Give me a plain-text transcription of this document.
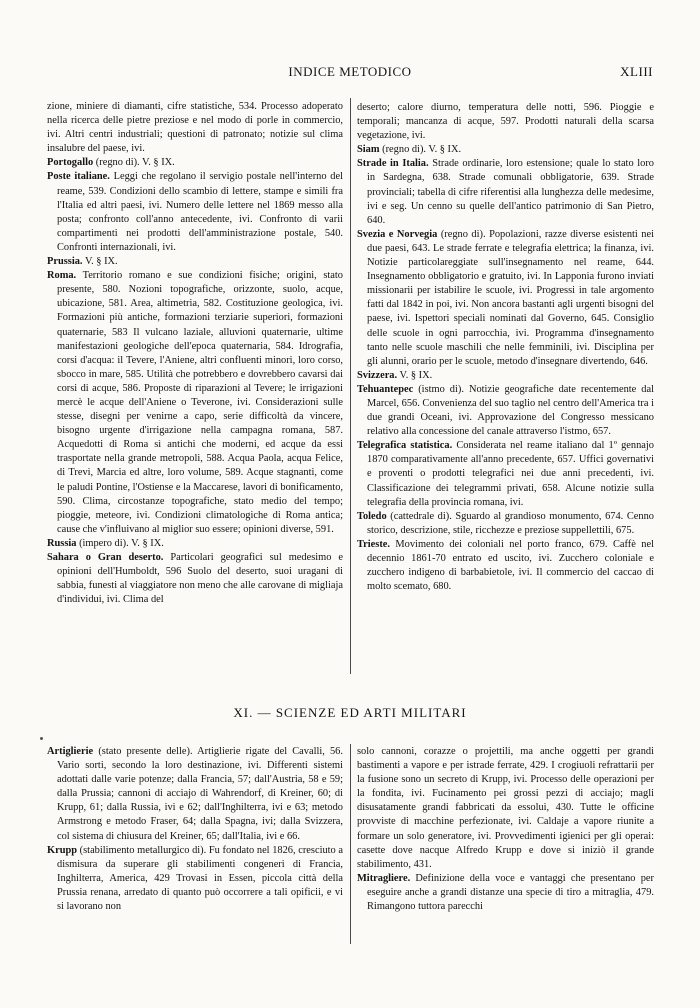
INDICE METODICO	XLIII

zione, miniere di diamanti, cifre statistiche, 534. Processo adoperato nella ricerca delle pietre preziose e nel modo di porle in commercio, ivi. Altri centri industriali; questioni di patronato; notizie sul clima insalubre del paese, ivi.

Portogallo (regno di). V. § IX.

Poste italiane. Leggi che regolano il servigio postale nell'interno del reame, 539. Condizioni dello scambio di lettere, stampe e simili fra l'Italia ed altri paesi, ivi. Numero delle lettere nel 1869 messo alla posta; confronto coll'anno antecedente, ivi. Confronto di varii compartimenti nei prodotti dell'amministrazione postale, 540. Confronti internazionali, ivi.

Prussia. V. § IX.

Roma. Territorio romano e sue condizioni fisiche; origini, stato presente, 580. Nozioni topografiche, orizzonte, suolo, acque, ubicazione, 581. Area, altimetria, 582. Costituzione geologica, ivi. Formazioni più antiche, formazioni terziarie superiori, formazioni quaternarie, 583 Il vulcano laziale, alluvioni quaternarie, ultime manifestazioni geologiche dell'epoca quaternaria, 584. Idrografia, corsi d'acqua: il Tevere, l'Aniene, altri confluenti minori, loro corso, sbocco in mare, 585. Utilità che potrebbero e dovrebbero cavarsi dai corsi di acque, 586. Proposte di riparazioni al Tevere; le irrigazioni mercè le acque dell'Aniene o Teverone, ivi. Considerazioni sulle stesse, disegni per venirne a capo, serie difficoltà da vincere, bisogno urgente d'irrigazione nella campagna romana, 587. Acquedotti di Roma sì antichi che moderni, ed acque da essi trasportate nella grande metropoli, 588. Acqua Paola, acqua Felice, di Trevi, Marcia ed altre, loro volume, 589. Acque stagnanti, come le paludi Pontine, l'Ostiense e la Maccarese, lavori di bonificamento, 590. Clima, circostanze topografiche, stato medio del tempo; pioggie, meteore, ivi. Condizioni climatologiche di Roma antica; cause che v'influivano al miglior suo essere; opinioni diverse, 591.

Russia (impero di). V. § IX.

Sahara o Gran deserto. Particolari geografici sul medesimo e opinioni dell'Humboldt, 596 Suolo del deserto, suoi uragani di sabbia, funesti al viaggiatore non meno che alle carovane di migliaja d'individui, ivi. Clima del

deserto; calore diurno, temperatura delle notti, 596. Pioggie e temporali; mancanza di acque, 597. Prodotti naturali della scarsa vegetazione, ivi.

Siam (regno di). V. § IX.

Strade in Italia. Strade ordinarie, loro estensione; quale lo stato loro in Sardegna, 638. Strade comunali obbligatorie, 639. Strade provinciali; tabella di cifre riferentisi alla lunghezza delle medesime, ivi e seg. Un cenno su quelle dell'antico patrimonio di San Pietro, 640.

Svezia e Norvegia (regno di). Popolazioni, razze diverse esistenti nei due paesi, 643. Le strade ferrate e telegrafia elettrica; la finanza, ivi. Notizie particolareggiate sull'insegnamento nel reame, 644. Insegnamento obbligatorio e gratuito, ivi. In Lapponia furono inviati missionarii per istabilire le scuole, ivi. Progressi in tale argomento fatti dal 1842 in poi, ivi. Non ancora bastanti agli urgenti bisogni del paese, ivi. Ispettori speciali nominati dal Governo, 645. Consiglio delle scuole in ogni parrocchia, ivi. Programma d'insegnamento tanto nelle scuole maschili che nelle femminili, ivi. Disciplina per gli alunni, orario per le scuole, metodo d'insegnare divertendo, 646.

Svizzera. V. § IX.

Tehuantepec (istmo di). Notizie geografiche date recentemente dal Marcel, 656. Convenienza del suo taglio nel centro dell'America tra i due grandi Oceani, ivi. Approvazione del Congresso messicano relativo alla concessione del canale attraverso l'istmo, 657.

Telegrafica statistica. Considerata nel reame italiano dal 1º gennajo 1870 comparativamente all'anno precedente, 657. Uffici governativi e proventi o prodotti telegrafici nei due anni precedenti, ivi. Classificazione dei telegrammi privati, 658. Alcune notizie sulla telegrafia della provincia romana, ivi.

Toledo (cattedrale di). Sguardo al grandioso monumento, 674. Cenno storico, descrizione, stile, ricchezze e preziose suppellettili, 675.

Trieste. Movimento dei coloniali nel porto franco, 679. Caffè nel decennio 1861-70 entrato ed uscito, ivi. Zucchero coloniale e zucchero indigeno di barbabietole, ivi. Il commercio del caccao di molto scemato, 680.

XI. — SCIENZE ED ARTI MILITARI

Artiglierie (stato presente delle). Artiglierie rigate del Cavalli, 56. Vario sorti, secondo la loro destinazione, ivi. Differenti sistemi adottati dalle varie potenze; dalla Francia, 57; dall'Austria, 58 e 59; dalla Prussia; cannoni di acciajo di Wahrendorf, di Kreiner, 60; di Krupp, 61; dalla Russia, ivi e 62; dall'Inghilterra, ivi e 63; metodo Armstrong e metodo Fraser, 64; dalla Spagna, ivi; dalla Svizzera, col sistema di chiusura del Kreiner, 65; dall'Italia, ivi e 66.

Krupp (stabilimento metallurgico di). Fu fondato nel 1826, cresciuto a dismisura da superare gli stabilimenti congeneri di Francia, Inghilterra, America, 429 Trovasi in Essen, piccola città della Prussia renana, arredato di quanto può occorrere a tali opificii, e vi si lavorano non

solo cannoni, corazze o projettili, ma anche oggetti per grandi bastimenti a vapore e per istrade ferrate, 429. I crogiuoli refrattarii per la fusione sono un secreto di Krupp, ivi. Processo delle operazioni per la fondita, ivi. Fucinamento pei grossi pezzi di acciajo; magli disusatamente grandi fabbricati da essolui, 430. Tutte le officine provviste di macchine perfezionate, ivi. Caldaje a vapore riunite a formare un solo generatore, ivi. Provvedimenti igienici per gli operai: casette dove nacque Alfredo Krupp e dove si iniziò il grande stabilimento, 431.

Mitragliere. Definizione della voce e vantaggi che presentano per eseguire anche a grandi distanze una specie di tiro a mitraglia, 479. Rimangono tuttora parecchi
